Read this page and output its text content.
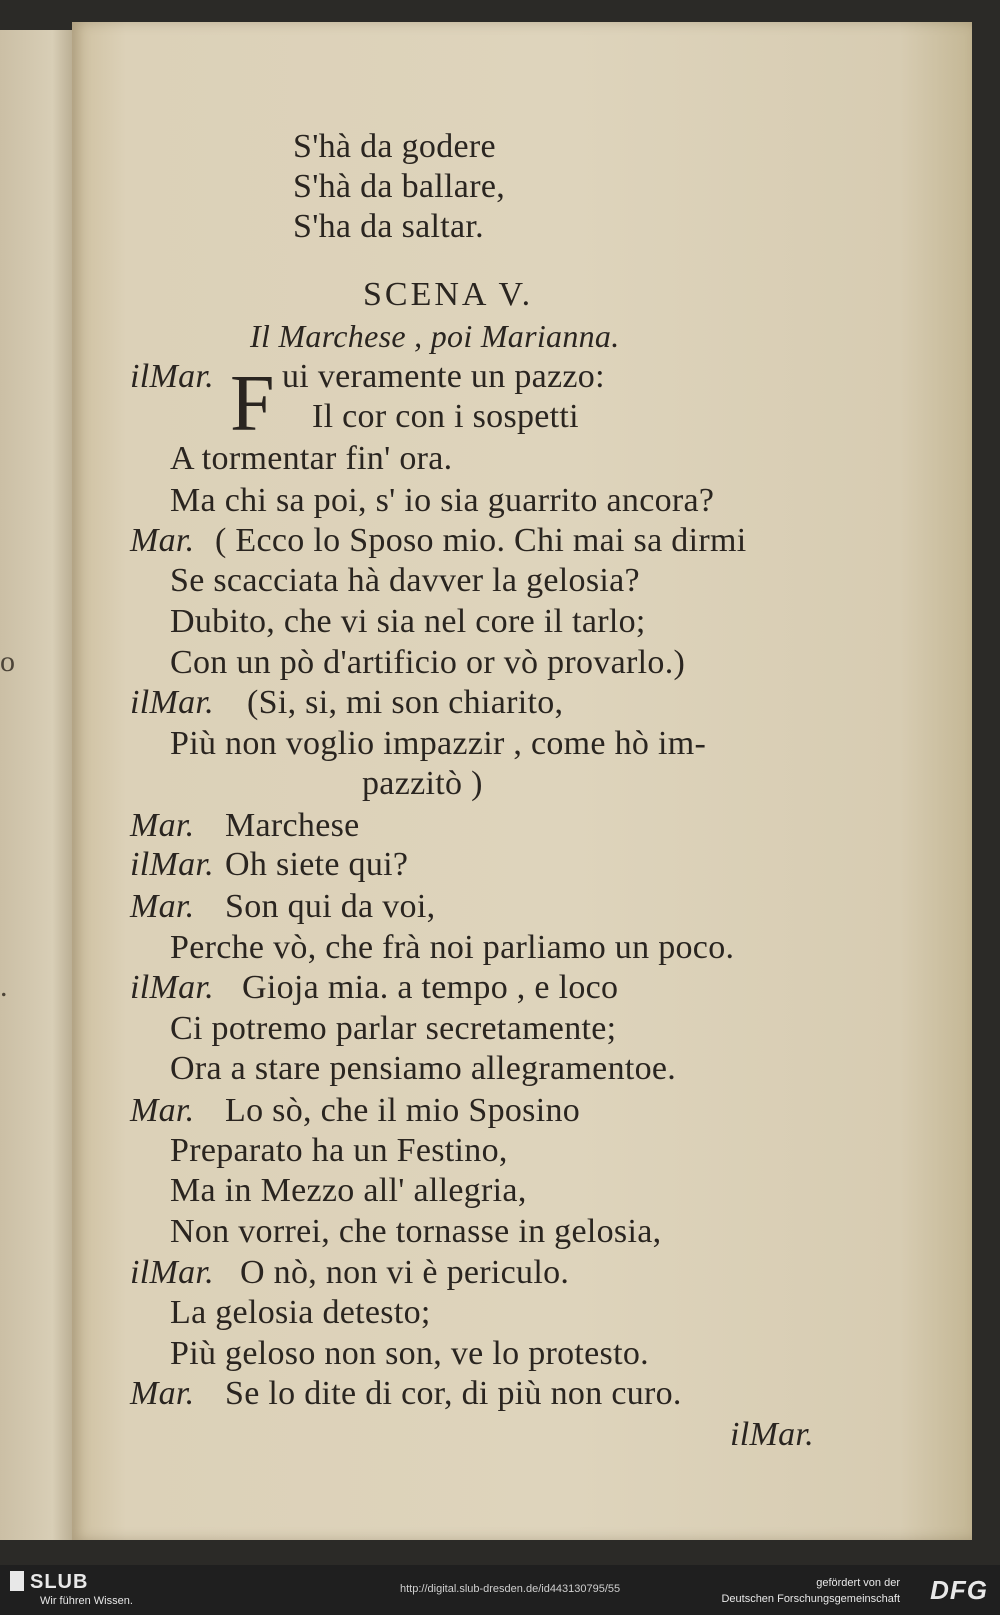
o
.
S'hà da godere
S'hà da ballare,
S'ha da saltar.
SCENA V.
Il Marchese , poi Marianna.
ilMar. F ui veramente un pazzo:
Il cor con i sospetti
A tormentar fin' ora.
Ma chi sa poi, s' io sia guarrito ancora?
Mar. ( Ecco lo Sposo mio. Chi mai sa dirmi
Se scacciata hà davver la gelosia?
Dubito, che vi sia nel core il tarlo;
Con un pò d'artificio or vò provarlo.)
ilMar. (Si, si, mi son chiarito,
Più non voglio impazzir , come hò im-
pazzitò )
Mar. Marchese
ilMar. Oh siete qui?
Mar. Son qui da voi,
Perche vò, che frà noi parliamo un poco.
ilMar. Gioja mia. a tempo , e loco
Ci potremo parlar secretamente;
Ora a stare pensiamo allegramentoe.
Mar. Lo sò, che il mio Sposino
Preparato ha un Festino,
Ma in Mezzo all' allegria,
Non vorrei, che tornasse in gelosia,
ilMar. O nò, non vi è periculo.
La gelosia detesto;
Più geloso non son, ve lo protesto.
Mar. Se lo dite di cor, di più non curo.
ilMar.
SLUB
Wir führen Wissen.
http://digital.slub-dresden.de/id443130795/55	gefördert von der
Deutschen Forschungsgemeinschaft DFG
